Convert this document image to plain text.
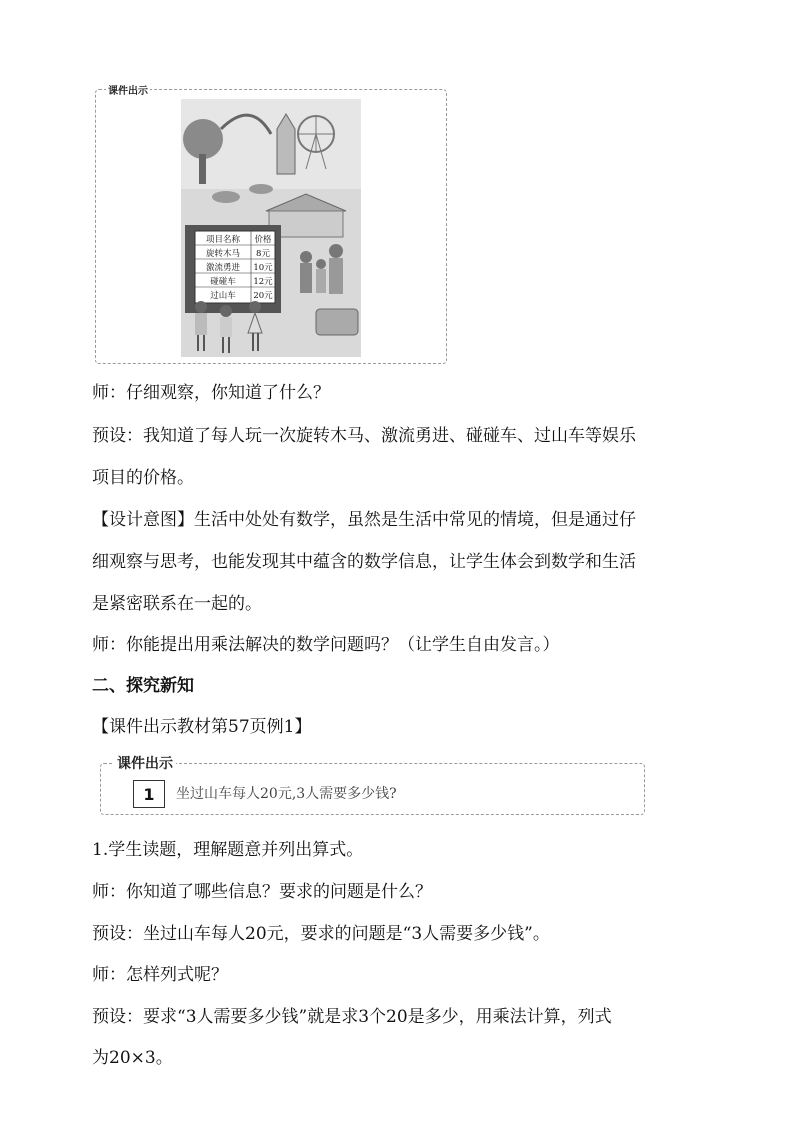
课件出示
项目名称 价格
旋转木马 8元
激流勇进 10元
碰碰车 12元
过山车 20元
师：仔细观察，你知道了什么？
预设：我知道了每人玩一次旋转木马、激流勇进、碰碰车、过山车等娱乐
项目的价格。
【设计意图】生活中处处有数学，虽然是生活中常见的情境，但是通过仔
细观察与思考，也能发现其中蕴含的数学信息，让学生体会到数学和生活
是紧密联系在一起的。
师：你能提出用乘法解决的数学问题吗？（让学生自由发言。）
二、探究新知
【课件出示教材第57页例1】
课件出示
1	坐过山车每人20元,3人需要多少钱?
1.学生读题，理解题意并列出算式。
师：你知道了哪些信息？要求的问题是什么？
预设：坐过山车每人20元，要求的问题是“3人需要多少钱”。
师：怎样列式呢？
预设：要求“3人需要多少钱”就是求3个20是多少，用乘法计算，列式
为20×3。
